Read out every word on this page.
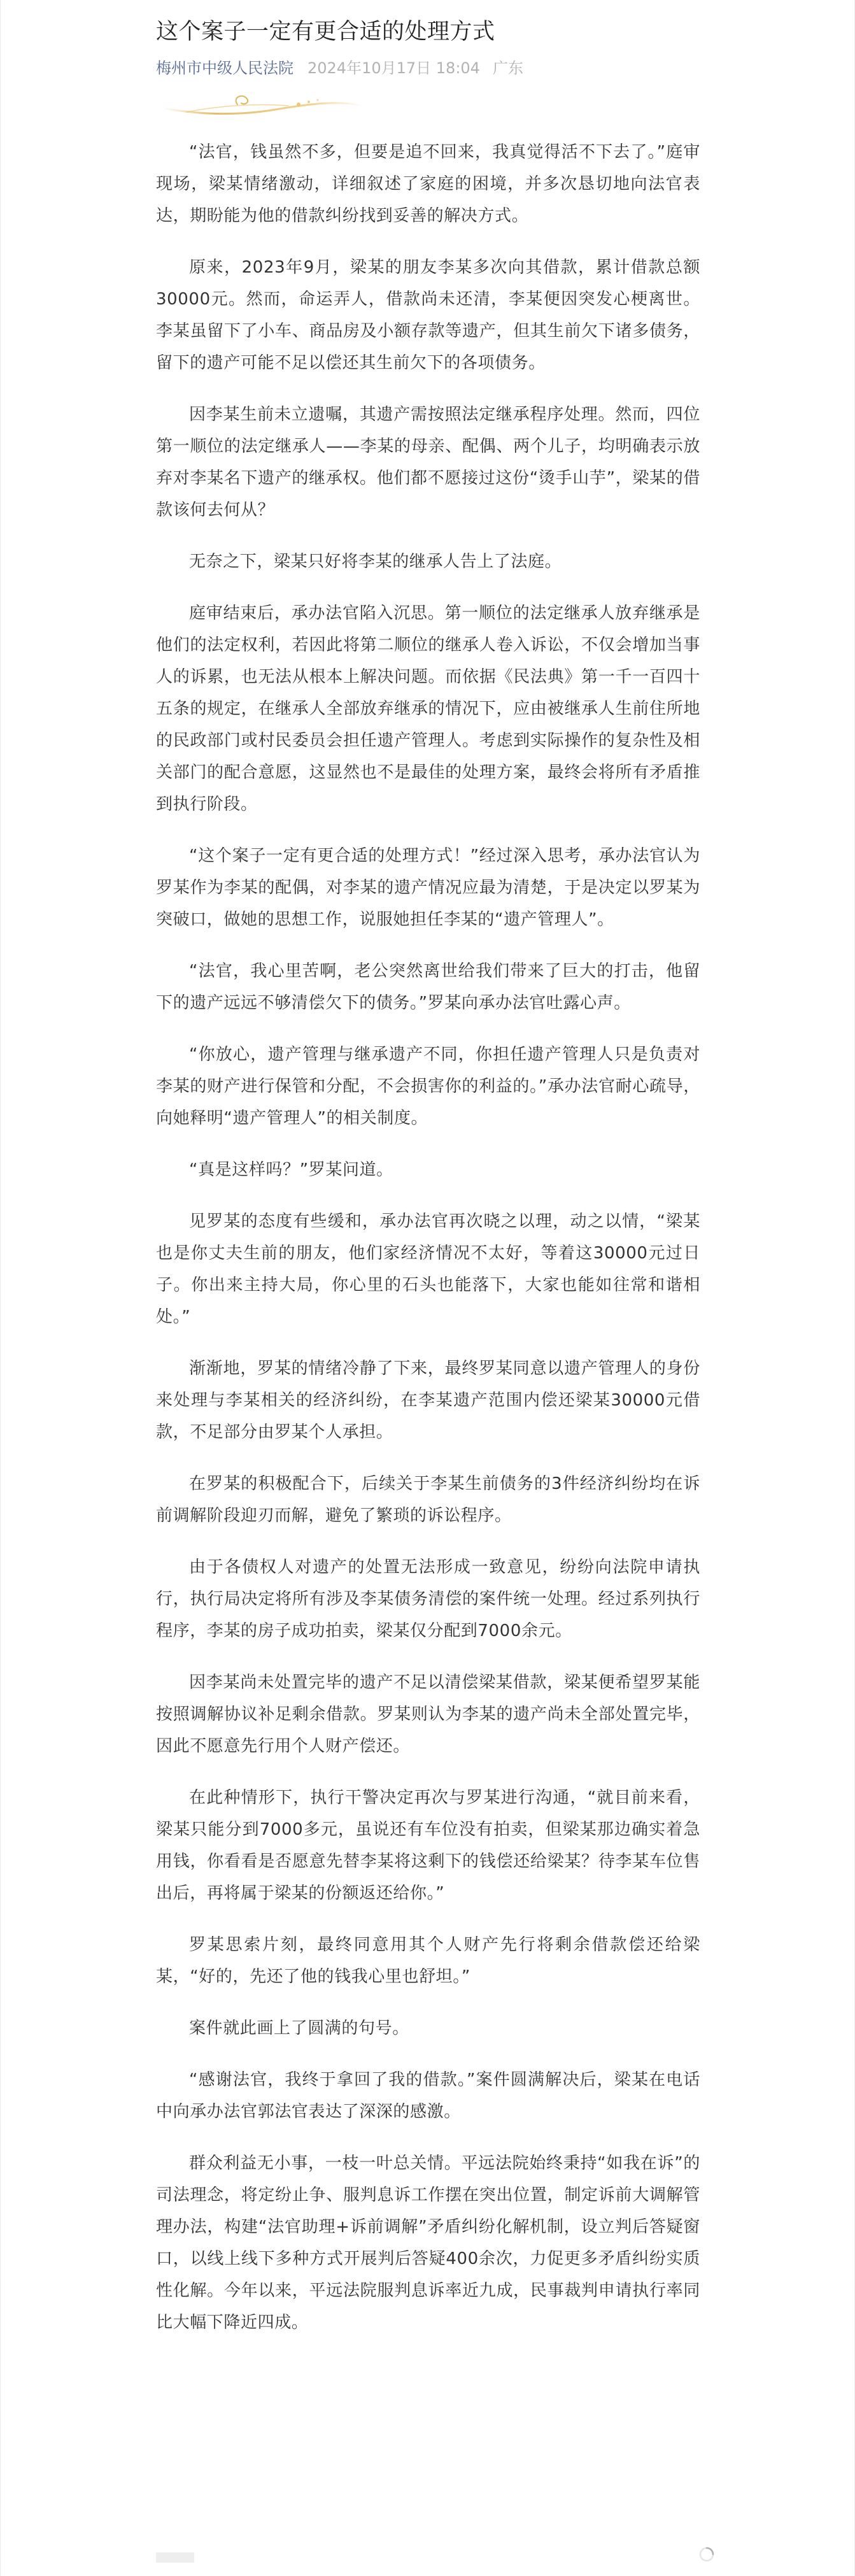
这个案子一定有更合适的处理方式
梅州市中级人民法院 2024年10月17日 18:04 广东

“法官，钱虽然不多，但要是追不回来，我真觉得活不下去了。”庭审现场，梁某情绪激动，详细叙述了家庭的困境，并多次恳切地向法官表达，期盼能为他的借款纠纷找到妥善的解决方式。

原来，2023年9月，梁某的朋友李某多次向其借款，累计借款总额30000元。然而，命运弄人，借款尚未还清，李某便因突发心梗离世。李某虽留下了小车、商品房及小额存款等遗产，但其生前欠下诸多债务，留下的遗产可能不足以偿还其生前欠下的各项债务。

因李某生前未立遗嘱，其遗产需按照法定继承程序处理。然而，四位第一顺位的法定继承人——李某的母亲、配偶、两个儿子，均明确表示放弃对李某名下遗产的继承权。他们都不愿接过这份“烫手山芋”，梁某的借款该何去何从？

无奈之下，梁某只好将李某的继承人告上了法庭。

庭审结束后，承办法官陷入沉思。第一顺位的法定继承人放弃继承是他们的法定权利，若因此将第二顺位的继承人卷入诉讼，不仅会增加当事人的诉累，也无法从根本上解决问题。而依据《民法典》第一千一百四十五条的规定，在继承人全部放弃继承的情况下，应由被继承人生前住所地的民政部门或村民委员会担任遗产管理人。考虑到实际操作的复杂性及相关部门的配合意愿，这显然也不是最佳的处理方案，最终会将所有矛盾推到执行阶段。

“这个案子一定有更合适的处理方式！”经过深入思考，承办法官认为罗某作为李某的配偶，对李某的遗产情况应最为清楚，于是决定以罗某为突破口，做她的思想工作，说服她担任李某的“遗产管理人”。

“法官，我心里苦啊，老公突然离世给我们带来了巨大的打击，他留下的遗产远远不够清偿欠下的债务。”罗某向承办法官吐露心声。

“你放心，遗产管理与继承遗产不同，你担任遗产管理人只是负责对李某的财产进行保管和分配，不会损害你的利益的。”承办法官耐心疏导，向她释明“遗产管理人”的相关制度。

“真是这样吗？”罗某问道。

见罗某的态度有些缓和，承办法官再次晓之以理，动之以情，“梁某也是你丈夫生前的朋友，他们家经济情况不太好，等着这30000元过日子。你出来主持大局，你心里的石头也能落下，大家也能如往常和谐相处。”

渐渐地，罗某的情绪冷静了下来，最终罗某同意以遗产管理人的身份来处理与李某相关的经济纠纷，在李某遗产范围内偿还梁某30000元借款，不足部分由罗某个人承担。

在罗某的积极配合下，后续关于李某生前债务的3件经济纠纷均在诉前调解阶段迎刃而解，避免了繁琐的诉讼程序。

由于各债权人对遗产的处置无法形成一致意见，纷纷向法院申请执行，执行局决定将所有涉及李某债务清偿的案件统一处理。经过系列执行程序，李某的房子成功拍卖，梁某仅分配到7000余元。

因李某尚未处置完毕的遗产不足以清偿梁某借款，梁某便希望罗某能按照调解协议补足剩余借款。罗某则认为李某的遗产尚未全部处置完毕，因此不愿意先行用个人财产偿还。

在此种情形下，执行干警决定再次与罗某进行沟通，“就目前来看，梁某只能分到7000多元，虽说还有车位没有拍卖，但梁某那边确实着急用钱，你看看是否愿意先替李某将这剩下的钱偿还给梁某？待李某车位售出后，再将属于梁某的份额返还给你。”

罗某思索片刻，最终同意用其个人财产先行将剩余借款偿还给梁某，“好的，先还了他的钱我心里也舒坦。”

案件就此画上了圆满的句号。

“感谢法官，我终于拿回了我的借款。”案件圆满解决后，梁某在电话中向承办法官郭法官表达了深深的感激。

群众利益无小事，一枝一叶总关情。平远法院始终秉持“如我在诉”的司法理念，将定纷止争、服判息诉工作摆在突出位置，制定诉前大调解管理办法，构建“法官助理+诉前调解”矛盾纠纷化解机制，设立判后答疑窗口，以线上线下多种方式开展判后答疑400余次，力促更多矛盾纠纷实质性化解。今年以来，平远法院服判息诉率近九成，民事裁判申请执行率同比大幅下降近四成。
